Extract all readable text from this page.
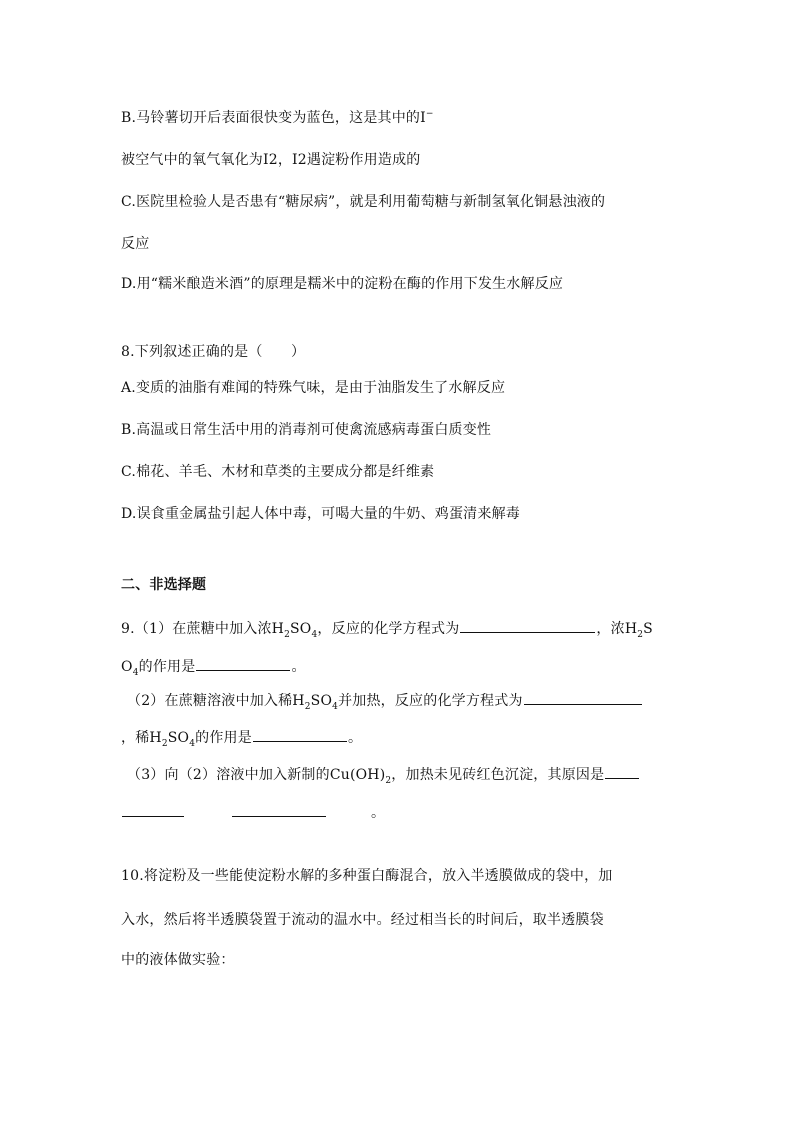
B.马铃薯切开后表面很快变为蓝色，这是其中的I−
被空气中的氧气氧化为I2，I2遇淀粉作用造成的
C.医院里检验人是否患有“糖尿病”，就是利用葡萄糖与新制氢氧化铜悬浊液的
反应
D.用“糯米酿造米酒”的原理是糯米中的淀粉在酶的作用下发生水解反应
8.下列叙述正确的是（　　）
A.变质的油脂有难闻的特殊气味，是由于油脂发生了水解反应
B.高温或日常生活中用的消毒剂可使禽流感病毒蛋白质变性
C.棉花、羊毛、木材和草类的主要成分都是纤维素
D.误食重金属盐引起人体中毒，可喝大量的牛奶、鸡蛋清来解毒
二、非选择题
9.（1）在蔗糖中加入浓$H_2SO_4$，反应的化学方程式为	，浓$H_2S$
$O_4$的作用是	。
（2）在蔗糖溶液中加入稀$H_2SO_4$并加热，反应的化学方程式为
，稀$H_2SO_4$的作用是	。
（3）向（2）溶液中加入新制的$Cu(OH)_2$，加热未见砖红色沉淀，其原因是
。
10.将淀粉及一些能使淀粉水解的多种蛋白酶混合，放入半透膜做成的袋中，加
入水，然后将半透膜袋置于流动的温水中。经过相当长的时间后，取半透膜袋
中的液体做实验：
